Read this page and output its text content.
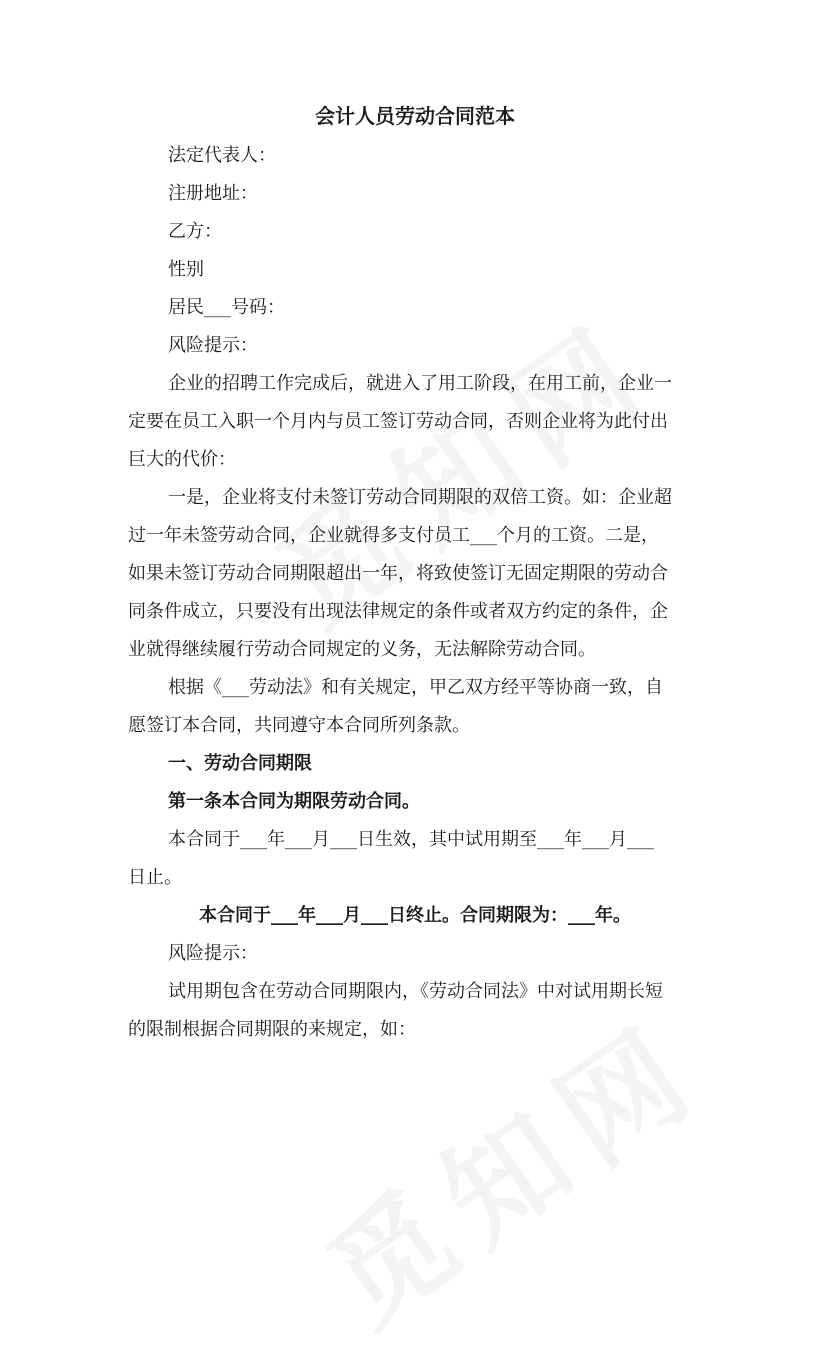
会计人员劳动合同范本
法定代表人：
注册地址：
乙方：
性别
居民___号码：
风险提示：
企业的招聘工作完成后，就进入了用工阶段，在用工前，企业一
定要在员工入职一个月内与员工签订劳动合同，否则企业将为此付出
巨大的代价：
一是，企业将支付未签订劳动合同期限的双倍工资。如：企业超
过一年未签劳动合同，企业就得多支付员工___个月的工资。二是，
如果未签订劳动合同期限超出一年，将致使签订无固定期限的劳动合
同条件成立，只要没有出现法律规定的条件或者双方约定的条件，企
业就得继续履行劳动合同规定的义务，无法解除劳动合同。
根据《___劳动法》和有关规定，甲乙双方经平等协商一致，自
愿签订本合同，共同遵守本合同所列条款。
一、劳动合同期限
第一条本合同为期限劳动合同。
本合同于___年___月___日生效，其中试用期至___年___月___
日止。
本合同于___年___月___日终止。合同期限为：___年。
风险提示：
试用期包含在劳动合同期限内，《劳动合同法》中对试用期长短
的限制根据合同期限的来规定，如：
